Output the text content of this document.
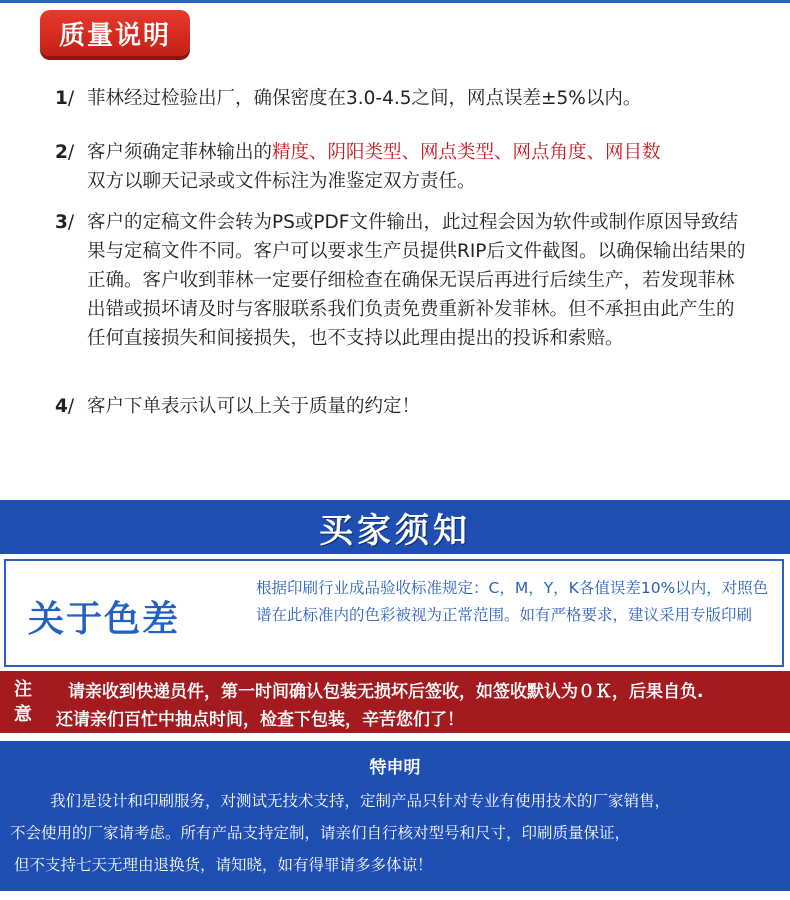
质量说明
1/ 菲林经过检验出厂，确保密度在3.0-4.5之间，网点误差±5%以内。
2/ 客户须确定菲林输出的精度、阴阳类型、网点类型、网点角度、网目数
双方以聊天记录或文件标注为准鉴定双方责任。
3/ 客户的定稿文件会转为PS或PDF文件输出，此过程会因为软件或制作原因导致结果与定稿文件不同。客户可以要求生产员提供RIP后文件截图。以确保输出结果的正确。客户收到菲林一定要仔细检查在确保无误后再进行后续生产，若发现菲林出错或损坏请及时与客服联系我们负责免费重新补发菲林。但不承担由此产生的任何直接损失和间接损失，也不支持以此理由提出的投诉和索赔。
4/ 客户下单表示认可以上关于质量的约定！
买家须知
关于色差
根据印刷行业成品验收标准规定：C，M，Y，K各值误差10%以内，对照色谱在此标准内的色彩被视为正常范围。如有严格要求，建议采用专版印刷
注意
请亲收到快递员件，第一时间确认包装无损坏后签收，如签收默认为０Ｋ，后果自负.
还请亲们百忙中抽点时间，检查下包装，辛苦您们了！
特申明
我们是设计和印刷服务，对测试无技术支持，定制产品只针对专业有使用技术的厂家销售，
不会使用的厂家请考虑。所有产品支持定制，请亲们自行核对型号和尺寸，印刷质量保证，
但不支持七天无理由退换货，请知晓，如有得罪请多多体谅！
